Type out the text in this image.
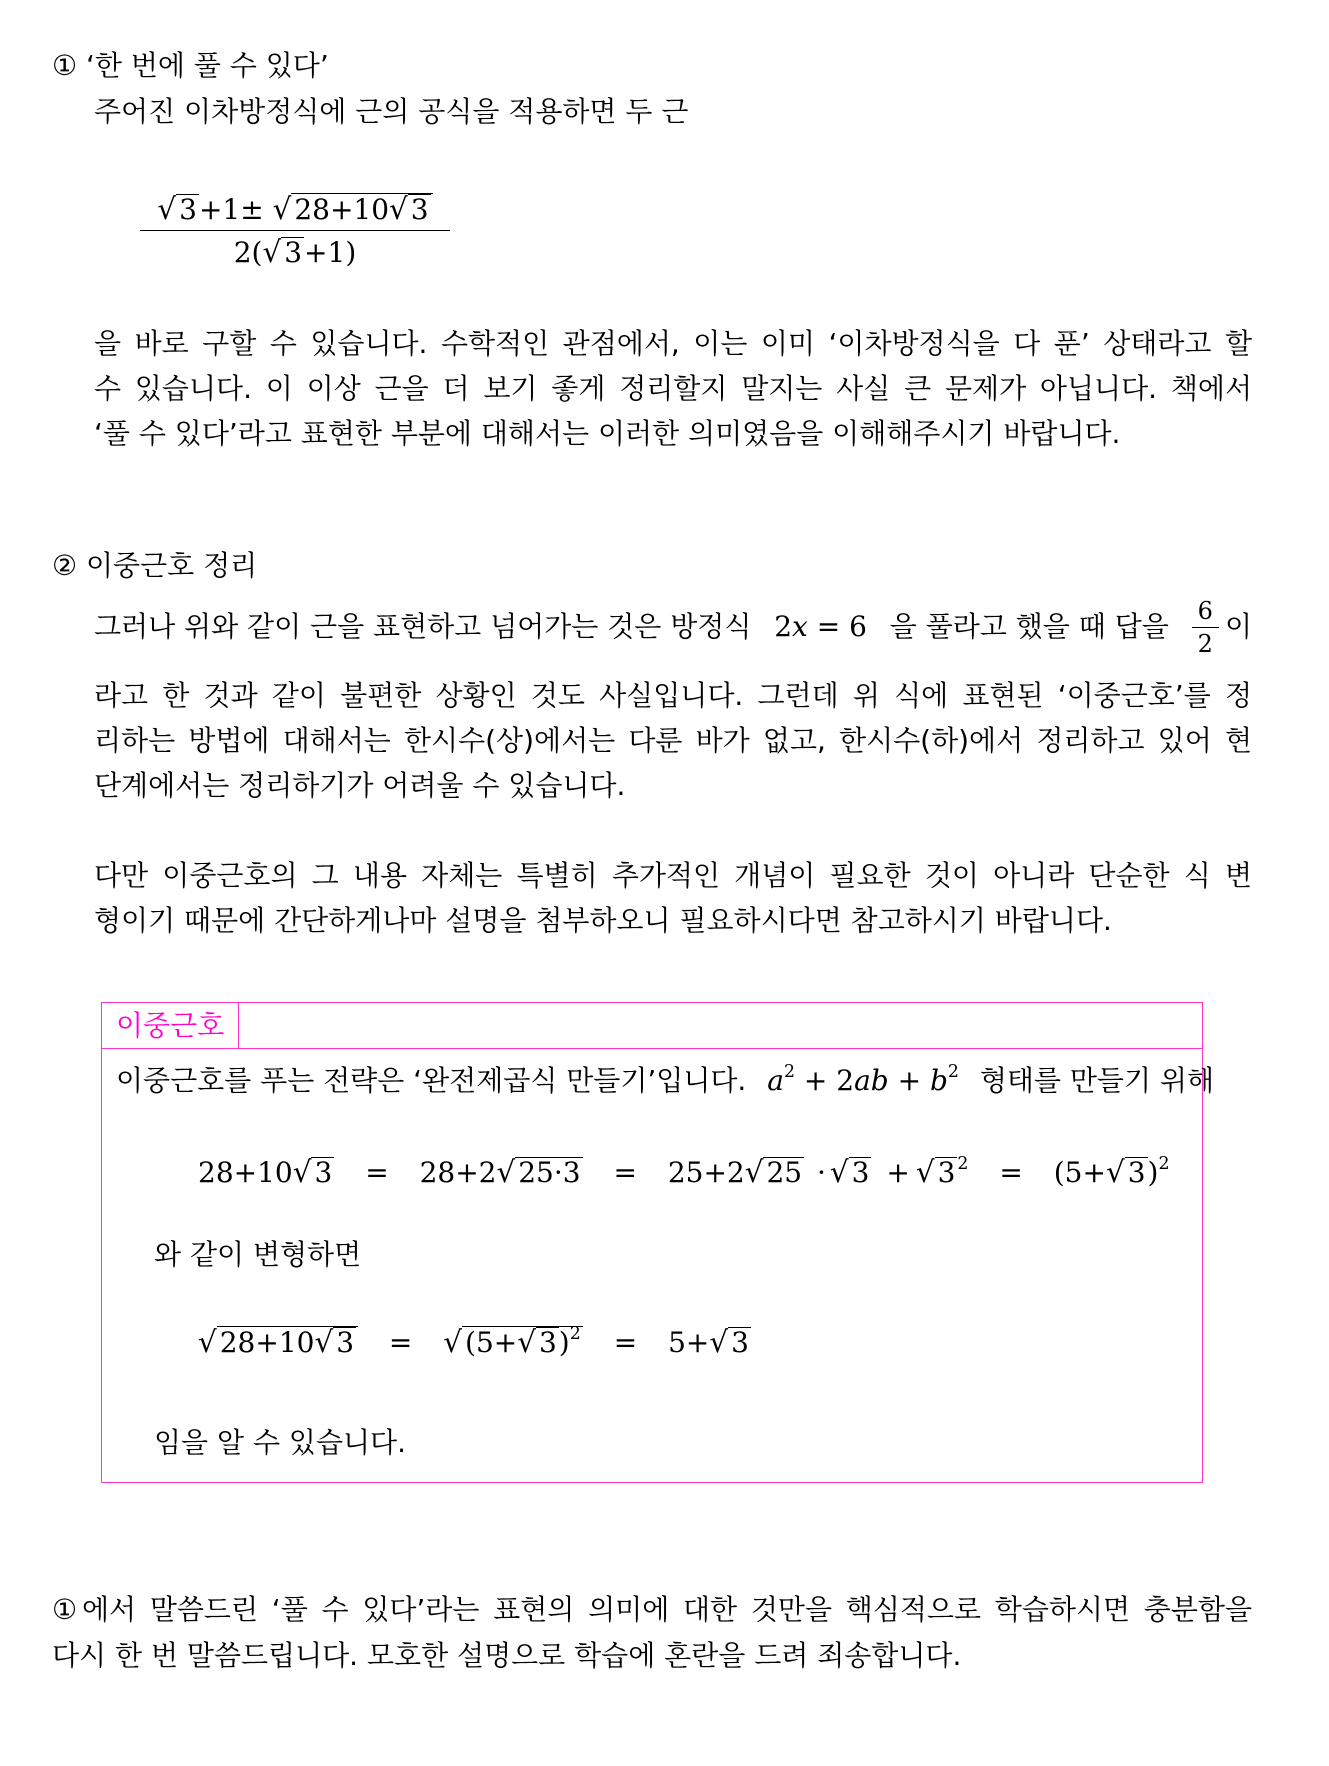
① ‘한 번에 풀 수 있다’
주어진 이차방정식에 근의 공식을 적용하면 두 근
$\frac{√ 3+1\pm √ 28+10√ 3}{2(√ 3+1)}$
을 바로 구할 수 있습니다. 수학적인 관점에서, 이는 이미 ‘이차방정식을 다 푼’ 상태라고 할
수 있습니다. 이 이상 근을 더 보기 좋게 정리할지 말지는 사실 큰 문제가 아닙니다. 책에서
‘풀 수 있다’라고 표현한 부분에 대해서는 이러한 의미였음을 이해해주시기 바랍니다.
② 이중근호 정리
그러나 위와 같이 근을 표현하고 넘어가는 것은 방정식 2x = 6 을 풀라고 했을 때 답을 $\frac{6}{2}$ 이
라고 한 것과 같이 불편한 상황인 것도 사실입니다. 그런데 위 식에 표현된 ‘이중근호’를 정
리하는 방법에 대해서는 한시수(상)에서는 다룬 바가 없고, 한시수(하)에서 정리하고 있어 현
단계에서는 정리하기가 어려울 수 있습니다.
다만 이중근호의 그 내용 자체는 특별히 추가적인 개념이 필요한 것이 아니라 단순한 식 변
형이기 때문에 간단하게나마 설명을 첨부하오니 필요하시다면 참고하시기 바랍니다.
이중근호
이중근호를 푸는 전략은 ‘완전제곱식 만들기’입니다. $a^2 + 2ab + b^2$ 형태를 만들기 위해
28+10√ 3 = 28+2√ 25·3 = 25+2√ 25 · √ 3 + √ 3 $^2$ = (5+√ 3)$^2$
와 같이 변형하면
√ 28+10√ 3 = √ (5+√ 3)$^2$ = 5+√ 3
임을 알 수 있습니다.
①에서 말씀드린 ‘풀 수 있다’라는 표현의 의미에 대한 것만을 핵심적으로 학습하시면 충분함을
다시 한 번 말씀드립니다. 모호한 설명으로 학습에 혼란을 드려 죄송합니다.
